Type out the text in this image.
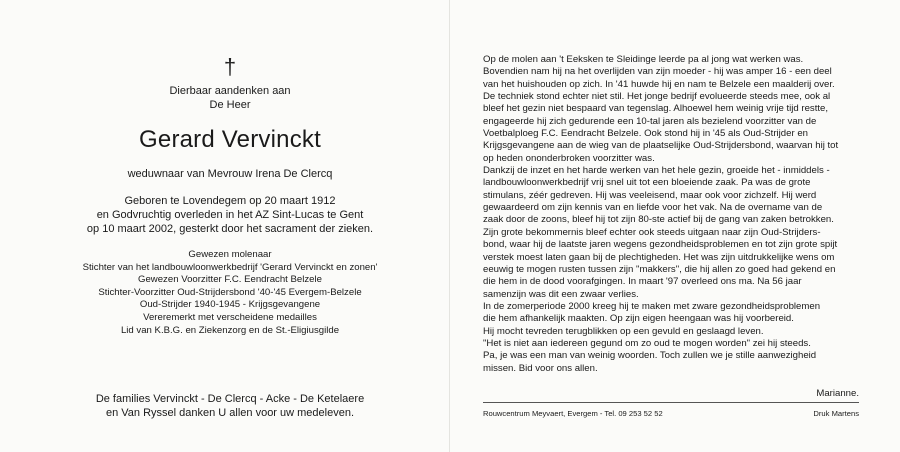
†
Dierbaar aandenken aan
De Heer
Gerard Vervinckt
weduwnaar van Mevrouw Irena De Clercq
Geboren te Lovendegem op 20 maart 1912
en Godvruchtig overleden in het AZ Sint-Lucas te Gent
op 10 maart 2002, gesterkt door het sacrament der zieken.
Gewezen molenaar
Stichter van het landbouwloonwerkbedrijf 'Gerard Vervinckt en zonen'
Gewezen Voorzitter F.C. Eendracht Belzele
Stichter-Voorzitter Oud-Strijdersbond '40-'45 Evergem-Belzele
Oud-Strijder 1940-1945 - Krijgsgevangene
Vereremerkt met verscheidene medailles
Lid van K.B.G. en Ziekenzorg en de St.-Eligiusgilde
De families Vervinckt - De Clercq - Acke - De Ketelaere
en Van Ryssel danken U allen voor uw medeleven.
Op de molen aan 't Eeksken te Sleidinge leerde pa al jong wat werken was.
Bovendien nam hij na het overlijden van zijn moeder - hij was amper 16 - een deel
van het huishouden op zich. In '41 huwde hij en nam te Belzele een maalderij over.
De techniek stond echter niet stil. Het jonge bedrijf evolueerde steeds mee, ook al
bleef het gezin niet bespaard van tegenslag. Alhoewel hem weinig vrije tijd restte,
engageerde hij zich gedurende een 10-tal jaren als bezielend voorzitter van de
Voetbalploeg F.C. Eendracht Belzele. Ook stond hij in '45 als Oud-Strijder en
Krijgsgevangene aan de wieg van de plaatselijke Oud-Strijdersbond, waarvan hij tot
op heden ononderbroken voorzitter was.
Dankzij de inzet en het harde werken van het hele gezin, groeide het - inmiddels -
landbouwloonwerkbedrijf vrij snel uit tot een bloeiende zaak. Pa was de grote
stimulans, zéér gedreven. Hij was veeleisend, maar ook voor zichzelf. Hij werd
gewaardeerd om zijn kennis van en liefde voor het vak. Na de overname van de
zaak door de zoons, bleef hij tot zijn 80-ste actief bij de gang van zaken betrokken.
Zijn grote bekommernis bleef echter ook steeds uitgaan naar zijn Oud-Strijders-
bond, waar hij de laatste jaren wegens gezondheidsproblemen en tot zijn grote spijt
verstek moest laten gaan bij de plechtigheden. Het was zijn uitdrukkelijke wens om
eeuwig te mogen rusten tussen zijn "makkers", die hij allen zo goed had gekend en
die hem in de dood voorafgingen. In maart '97 overleed ons ma. Na 56 jaar
samenzijn was dit een zwaar verlies.
In de zomerperiode 2000 kreeg hij te maken met zware gezondheidsproblemen
die hem afhankelijk maakten. Op zijn eigen heengaan was hij voorbereid.
Hij mocht tevreden terugblikken op een gevuld en geslaagd leven.
"Het is niet aan iedereen gegund om zo oud te mogen worden" zei hij steeds.
Pa, je was een man van weinig woorden. Toch zullen we je stille aanwezigheid
missen. Bid voor ons allen.
Marianne.
Rouwcentrum Meyvaert, Evergem - Tel. 09 253 52 52	Druk Martens
